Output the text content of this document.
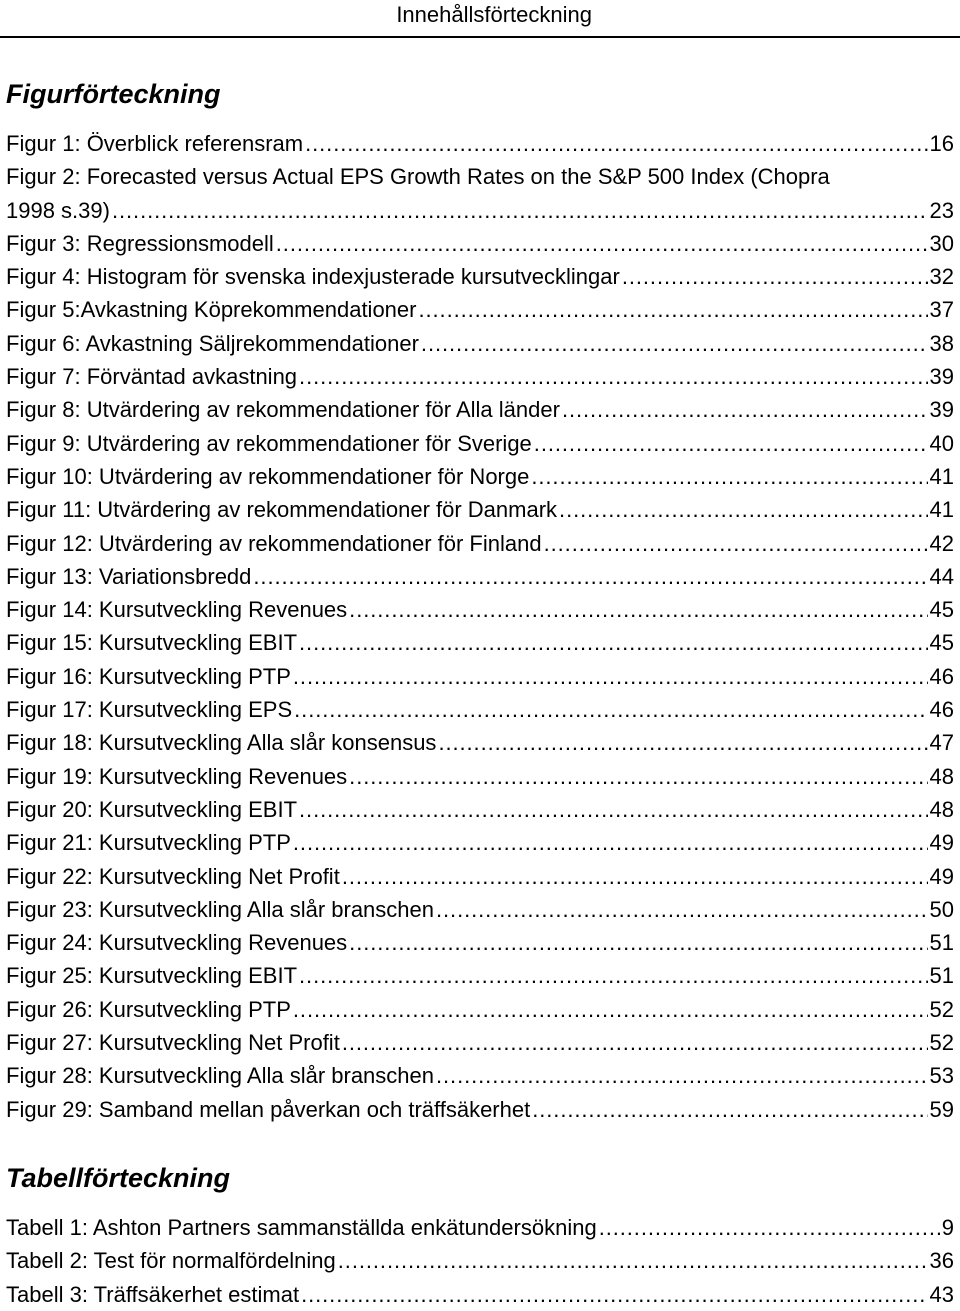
Innehållsförteckning
Figurförteckning
Figur 1: Överblick referensram . . .	16
Figur 2: Forecasted versus Actual EPS Growth Rates on the S&P 500 Index (Chopra
1998 s.39) . . .	23
Figur 3: Regressionsmodell . . .	30
Figur 4: Histogram för svenska indexjusterade kursutvecklingar . . .	32
Figur 5:Avkastning Köprekommendationer . . .	37
Figur 6: Avkastning Säljrekommendationer . . .	38
Figur 7: Förväntad avkastning . . .	39
Figur 8: Utvärdering av rekommendationer för Alla länder . . .	39
Figur 9: Utvärdering av rekommendationer för Sverige . . .	40
Figur 10: Utvärdering av rekommendationer för Norge . . .	41
Figur 11: Utvärdering av rekommendationer för Danmark . . .	41
Figur 12: Utvärdering av rekommendationer för Finland . . .	42
Figur 13: Variationsbredd . . .	44
Figur 14: Kursutveckling Revenues . . .	45
Figur 15: Kursutveckling EBIT . . .	45
Figur 16: Kursutveckling PTP . . .	46
Figur 17: Kursutveckling EPS . . .	46
Figur 18: Kursutveckling Alla slår konsensus . . .	47
Figur 19: Kursutveckling Revenues . . .	48
Figur 20: Kursutveckling EBIT . . .	48
Figur 21: Kursutveckling PTP . . .	49
Figur 22: Kursutveckling Net Profit . . .	49
Figur 23: Kursutveckling Alla slår branschen . . .	50
Figur 24: Kursutveckling Revenues . . .	51
Figur 25: Kursutveckling EBIT . . .	51
Figur 26: Kursutveckling PTP . . .	52
Figur 27: Kursutveckling Net Profit . . .	52
Figur 28: Kursutveckling Alla slår branschen . . .	53
Figur 29: Samband mellan påverkan och träffsäkerhet . . .	59
Tabellförteckning
Tabell 1: Ashton Partners sammanställda enkätundersökning . . .	9
Tabell 2: Test för normalfördelning . . .	36
Tabell 3: Träffsäkerhet estimat . . .	43
